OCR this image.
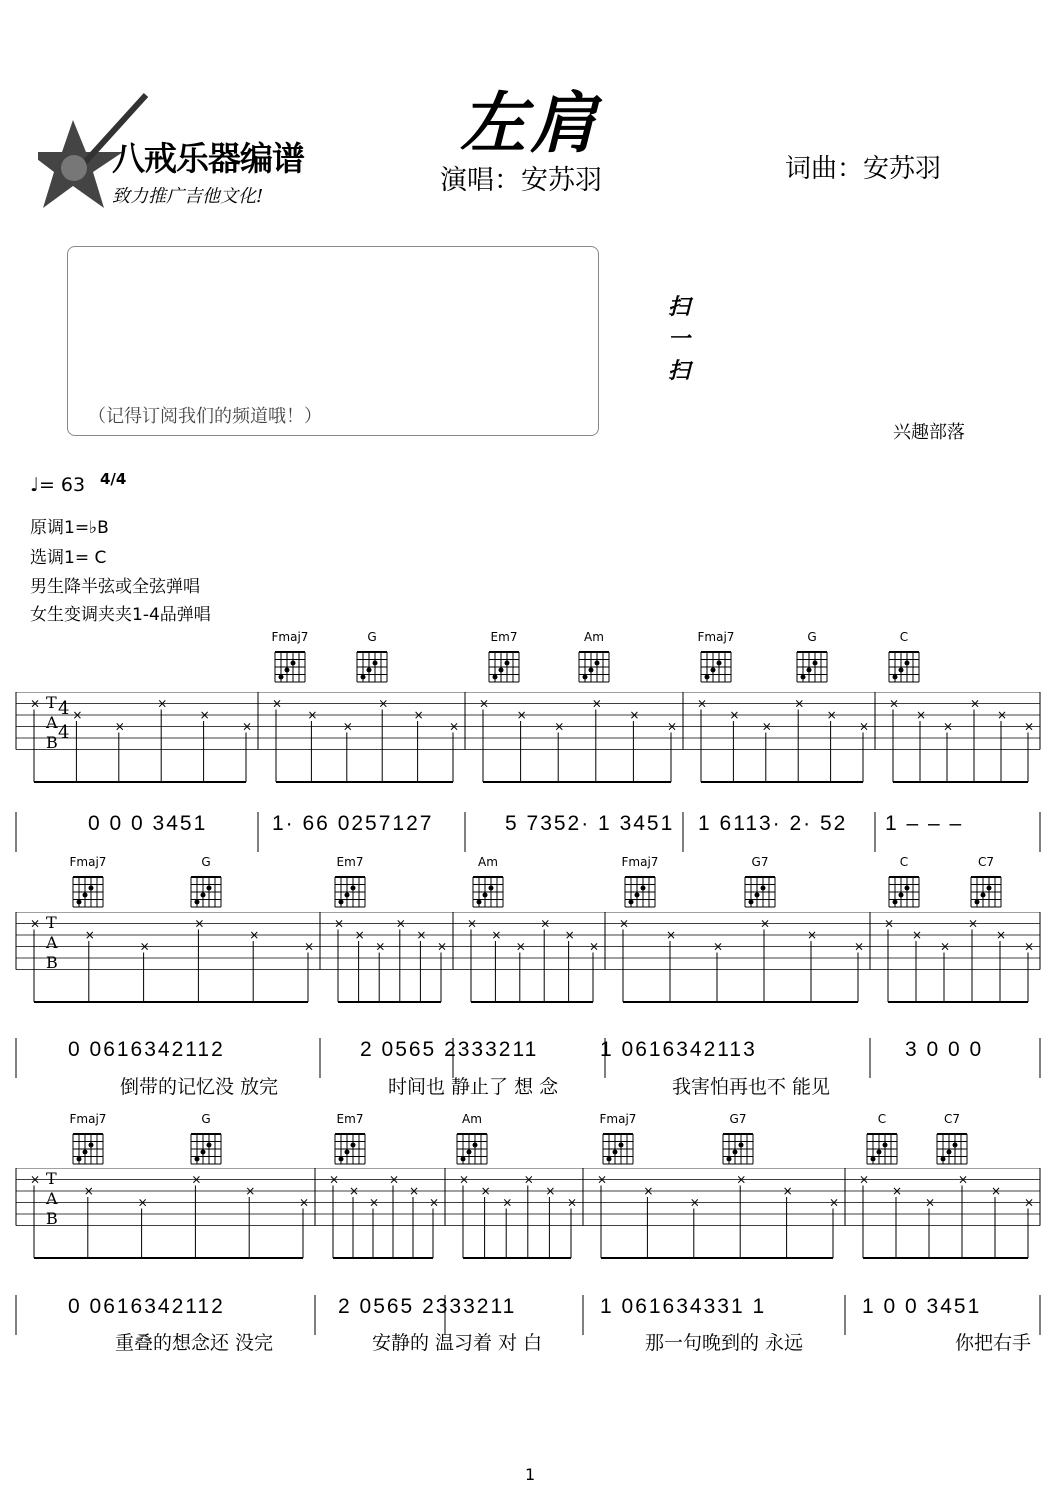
八戒乐器编谱
致力推广吉他文化!
左肩
演唱：安苏羽	词曲：安苏羽
（记得订阅我们的频道哦！）
扫一扫
兴趣部落
♩= 63 4/4
原调1=♭B
选调1= C
男生降半弦或全弦弹唱
女生变调夹夹1-4品弹唱
Fmaj7	G	Em7	Am	Fmaj7	G	C
T
A
B
4
4
×
×
×
×
×
×
×
×
×
×
×
×
×
×
×
×
×
×
×
×
×
×
×
×
×
×
×
×
×
×
0 0 0 3451	1· 66 0257127	5 7352· 1 3451 1 6113· 2· 52 1 – – –
Fmaj7	G	Em7	Am	Fmaj7	G7	C	C7
T
A
B
×
×
×
×
×
×
×
×
×
×
×
×
×
×
×
×
×
×
×
×
×
×
×
×
×
×
×
×
×
×
0 0616342112	2 0565 2333211	1 0616342113	3 0 0 0
倒带的记忆没 放完	时间也 静止了 想 念	我害怕再也不 能见
Fmaj7	G	Em7	Am	Fmaj7	G7	C	C7
T
A
B
×
×
×
×
×
×
×
×
×
×
×
×
×
×
×
×
×
×
×
×
×
×
×
×
×
×
×
×
×
×
0 0616342112	2 0565 2333211	1 061634331 1	1 0 0 3451
重叠的想念还 没完	安静的 温习着 对 白	那一句晚到的 永远	你把右手
1
